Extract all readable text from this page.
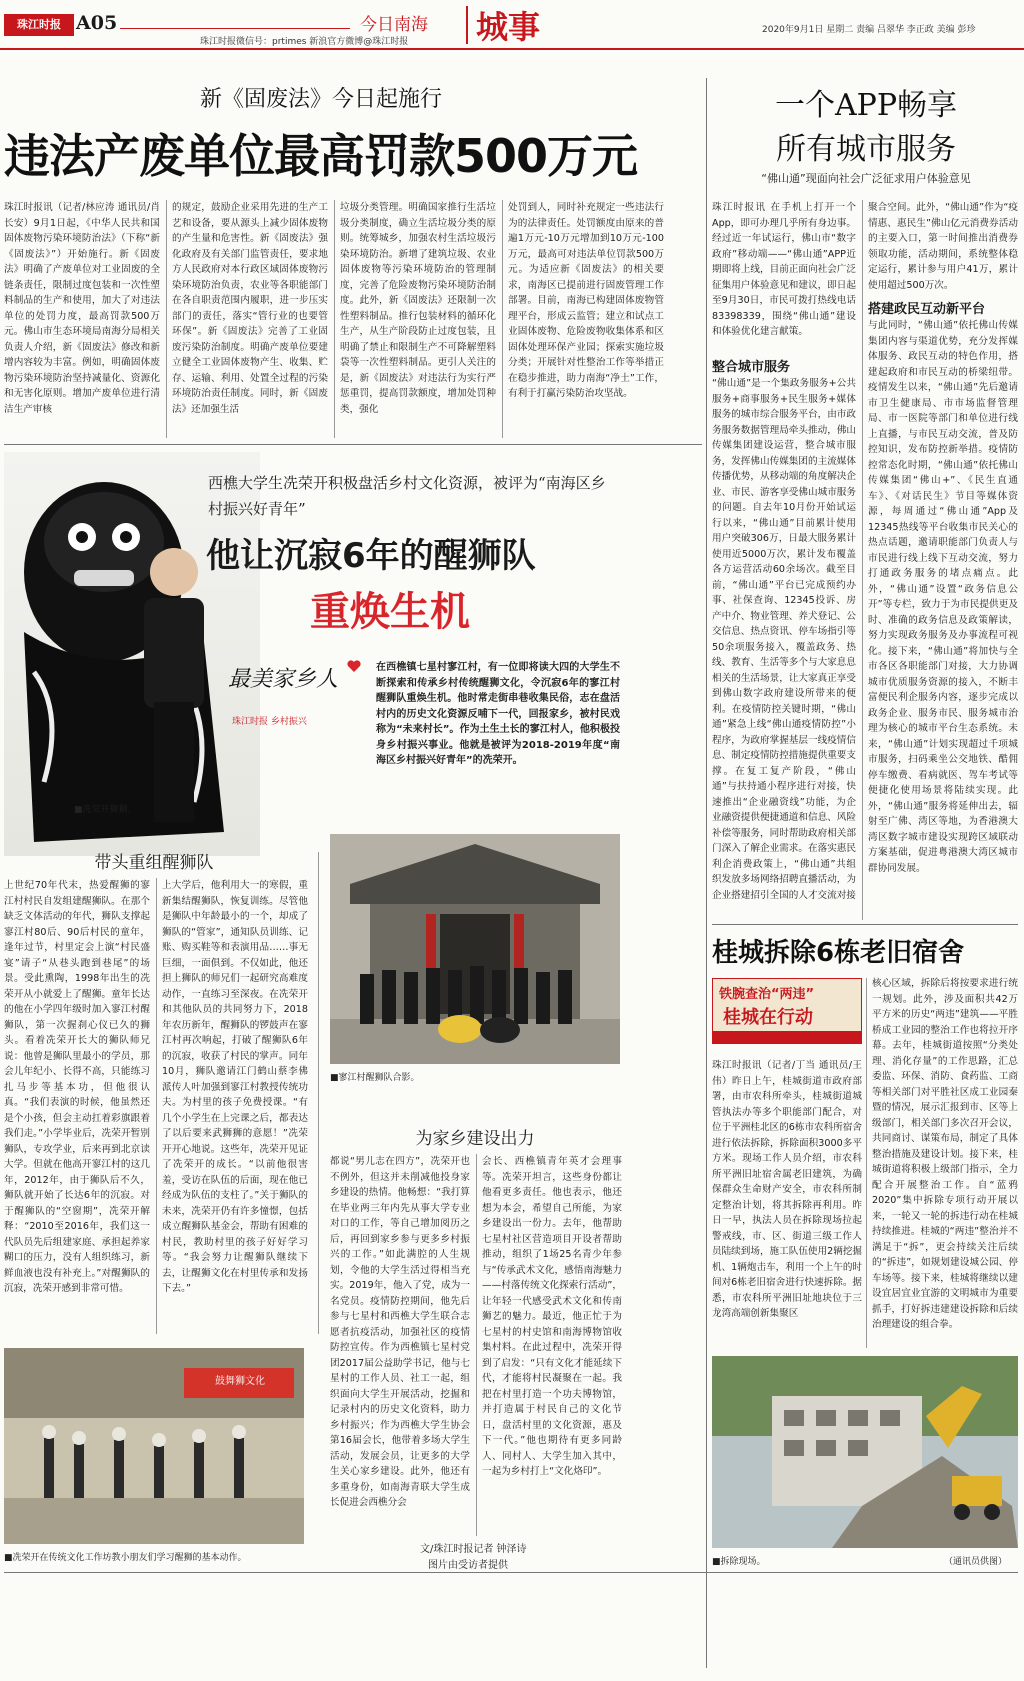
珠江时报 A05
珠江时报微信号：prtimes 新浪官方微博@珠江时报
今日南海 城事	2020年9月1日 星期二 责编 吕翠华 李正政 美编 彭珍
新《固废法》今日起施行
违法产废单位最高罚款500万元
珠江时报讯（记者/林应涛 通讯员/肖长安）9月1日起，《中华人民共和国固体废物污染环境防治法》（下称“新《固废法》”）开始施行。新《固废法》明确了产废单位对工业固废的全链条责任，限制过度包装和一次性塑料制品的生产和使用，加大了对违法单位的处罚力度，最高罚款500万元。佛山市生态环境局南海分局相关负责人介绍，新《固废法》修改和新增内容较为丰富。例如，明确固体废物污染环境防治坚持减量化、资源化和无害化原则。增加产废单位进行清洁生产审核
的规定，鼓励企业采用先进的生产工艺和设备，要从源头上减少固体废物的产生量和危害性。新《固废法》强化政府及有关部门监管责任，要求地方人民政府对本行政区域固体废物污染环境防治负责，农业等各职能部门在各自职责范围内履职，进一步压实部门的责任，落实“管行业的也要管环保”。新《固废法》完善了工业固废污染防治制度。明确产废单位要建立健全工业固体废物产生、收集、贮存、运输、利用、处置全过程的污染环境防治责任制度。同时，新《固废法》还加强生活
垃圾分类管理。明确国家推行生活垃圾分类制度，确立生活垃圾分类的原则。统筹城乡，加强农村生活垃圾污染环境防治。新增了建筑垃圾、农业固体废物等污染环境防治的管理制度，完善了危险废物污染环境防治制度。此外，新《固废法》还限制一次性塑料制品。推行包装材料的循环化生产，从生产阶段防止过度包装，且明确了禁止和限制生产不可降解塑料袋等一次性塑料制品。更引人关注的是，新《固废法》对违法行为实行严惩重罚，提高罚款额度，增加处罚种类，强化
处罚到人，同时补充规定一些违法行为的法律责任。处罚额度由原来的普遍1万元-10万元增加到10万元-100万元，最高可对违法单位罚款500万元。为适应新《固废法》的相关要求，南海区已提前进行固废管理工作部署。目前，南海已构建固体废物管理平台，形成云监管；建立和试点工业固体废物、危险废物收集体系和区固体处理环保产业园；探索实施垃圾分类；开展针对性整治工作等举措正在稳步推进，助力南海“净土”工作，有利于打赢污染防治攻坚战。
一个APP畅享
所有城市服务
“佛山通”现面向社会广泛征求用户体验意见
珠江时报讯 在手机上打开一个App，即可办理几乎所有身边事。经过近一年试运行，佛山市“数字政府”移动端——“佛山通”APP近期即将上线，目前正面向社会广泛征集用户体验意见和建议，即日起至9月30日，市民可拨打热线电话83398339，围绕“佛山通”建设和体验优化建言献策。
整合城市服务
“佛山通”是一个集政务服务+公共服务+商事服务+民生服务+媒体服务的城市综合服务平台，由市政务服务数据管理局牵头推动，佛山传媒集团建设运营，整合城市服务，发挥佛山传媒集团的主流媒体传播优势，从移动端的角度解决企业、市民、游客享受佛山城市服务的问题。自去年10月份开始试运行以来，“佛山通”目前累计使用用户突破306万，日最大服务累计使用近5000万次，累计发布覆盖各方运营活动60余场次。截至目前，“佛山通”平台已完成预约办事、社保查询、12345投诉、房产中介、物业管理、养犬登记、公交信息、热点资讯、停车场指引等50余项服务接入，覆盖政务、热线、教育、生活等多个与大家息息相关的生活场景，让大家真正享受到佛山数字政府建设所带来的便利。在疫情防控关键时期，“佛山通”紧急上线“佛山通疫情防控”小程序，为政府掌握基层一线疫情信息、制定疫情防控措施提供重要支撑。在复工复产阶段，“佛山通”与扶持通小程序进行对接，快速推出“企业融资线”功能，为企业融资提供便捷通道和信息、风险补偿等服务，同时帮助政府相关部门深入了解企业需求。在落实惠民利企消费政策上，“佛山通”共组织发放多场网络招聘直播活动，为企业搭建招引全国的人才交流对接
聚合空间。此外，“佛山通”作为“疫情惠、惠民生”佛山亿元消费券活动的主要入口，第一时间推出消费券领取功能，活动期间，系统整体稳定运行，累计参与用户41万，累计使用超过500万次。
搭建政民互动新平台
与此同时，“佛山通”依托佛山传媒集团内容与渠道优势，充分发挥媒体服务、政民互动的特色作用，搭建起政府和市民互动的桥梁纽带。疫情发生以来，“佛山通”先后邀请市卫生健康局、市市场监督管理局、市一医院等部门和单位进行线上直播，与市民互动交流，普及防控知识，发布防控新举措。疫情防控常态化时期，“佛山通”依托佛山传媒集团“佛山+”、《民生直通车》、《对话民生》节目等媒体资源，每周通过“佛山通”App及12345热线等平台收集市民关心的热点话题，邀请职能部门负责人与市民进行线上线下互动交流，努力打通政务服务的堵点痛点。此外，“佛山通”设置“政务信息公开”等专栏，致力于为市民提供更及时、准确的政务信息及政策解读，努力实现政务服务及办事流程可视化。接下来，“佛山通”将加快与全市各区各职能部门对接，大力协调城市优质服务资源的接入，不断丰富便民利企服务内容，逐步完成以政务企业、服务市民、服务城市治理为核心的城市平台生态系统。未来，“佛山通”计划实现超过千项城市服务，扫码乘坐公交地铁、酷佣停车缴费、看病就医、驾车考试等便捷化使用场景将陆续实现。此外，“佛山通”服务将延伸出去，辐射至广佛、湾区等地，为香港澳大湾区数字城市建设实现跨区域联动方案基础，促进粤港澳大湾区城市群协同发展。
■冼荣开舞狮。
西樵大学生冼荣开积极盘活乡村文化资源，被评为“南海区乡村振兴好青年”
他让沉寂6年的醒狮队
重焕生机
最美家乡人
珠江时报 乡村振兴
在西樵镇七星村寥江村，有一位即将读大四的大学生不断探索和传承乡村传统醒狮文化，令沉寂6年的寥江村醒狮队重焕生机。他时常走街串巷收集民俗，志在盘活村内的历史文化资源反哺下一代，回报家乡，被村民戏称为“未来村长”。作为土生土长的寥江村人，他积极投身乡村振兴事业。他就是被评为2018-2019年度“南海区乡村振兴好青年”的冼荣开。
带头重组醒狮队
上世纪70年代末，热爱醒狮的寥江村村民自发组建醒狮队。在那个缺乏文体活动的年代，狮队支撑起寥江村80后、90后村民的童年，逢年过节，村里定会上演“村民盛宴”请子“从巷头跑到巷尾”的场景。受此熏陶，1998年出生的冼荣开从小就爱上了醒狮。童年长达的他在小学四年级时加入寥江村醒狮队，第一次握刹心仪已久的狮头。看着冼荣开长大的狮队师兄说：他曾是狮队里最小的学员，那会儿年纪小、长得不高，只能练习扎马步等基本功，但他很认真。“我们表演的时候，他虽然还是个小孩，但会主动扛着彩旗跟着我们走。”小学毕业后，冼荣开暂别狮队，专攻学业，后来再到北京读大学。但就在他高开寥江村的这几年，2012年，由于狮队后不久，狮队就开始了长达6年的沉寂。对于醒狮队的“空窗期”，冼荣开解释：“2010至2016年，我们这一代队员先后组建家庭、承担起养家糊口的压力，没有人组织练习，新鲜血液也没有补充上。”对醒狮队的沉寂，冼荣开感到非常可惜。
上大学后，他利用大一的寒假，重新集结醒狮队，恢复训练。尽管他是狮队中年龄最小的一个，却成了狮队的“管家”，通知队员训练、记账、购买鞋等和表演用品……事无巨细，一面俱到。不仅如此，他还担上狮队的师兄们一起研究高难度动作，一直练习至深夜。在冼荣开和其他队员的共同努力下，2018年农历新年，醒狮队的锣鼓声在寥江村再次响起，打破了醒狮队6年的沉寂，收获了村民的掌声。同年10月，狮队邀请江门鹤山蔡李佛派传人叶加强到寥江村教授传统功夫。为村里的孩子免费授课。“有几个小学生在上完课之后，都表达了以后要来武狮狮的意愿！”冼荣开开心地说。这些年，冼荣开见证了冼荣开的成长。“以前他很害羞，受访在队伍的后面，现在他已经成为队伍的支柱了。”关于狮队的未来，冼荣开仍有许多憧憬，包括成立醒狮队基金会，帮助有困难的村民，教助村里的孩子好好学习等。“我会努力让醒狮队继续下去，让醒狮文化在村里传承和发扬下去。”
■寥江村醒狮队合影。
为家乡建设出力
都说“男儿志在四方”，冼荣开也不例外，但这并未削减他投身家乡建设的热情。他畅想：“我打算在毕业两三年内先从事大学专业对口的工作，等自己增加阅历之后，再回到家乡参与更多乡村振兴的工作。”如此满腔的人生规划，令他的大学生活过得相当充实。2019年，他入了党，成为一名党员。疫情防控期间，他先后参与七星村和西樵大学生联合志愿者抗疫活动，加强社区的疫情防控宣传。作为西樵镇七星村党团2017届公益助学书记，他与七星村的工作人员、社工一起，组织面向大学生开展活动，挖掘和记录村内的历史文化资料，助力乡村振兴；作为西樵大学生协会第16届会长，他带着多场大学生活动，发展会员，让更多的大学生关心家乡建设。此外，他还有多重身份，如南海青联大学生成长促进会西樵分会
会长、西樵镇青年英才会理事等。冼荣开坦言，这些身份都让他看更多责任。他也表示，他还想为本会，希望自己所能，为家乡建设出一份力。去年，他帮助七星村社区营造项目开设者帮助推动，组织了1场25名青少年参与“传承武术文化，感悟南海魅力——村落传统文化探索行活动”，让年轻一代感受武术文化和传南狮艺的魅力。最近，他正忙于为七星村的村史馆和南海博物馆收集村料。在此过程中，冼荣开得到了启发：“只有文化才能延续下代，才能将村民凝聚在一起。我把在村里打造一个功夫博物馆，并打造属于村民自己的文化节日，盘活村里的文化资源，惠及下一代。”他也期待有更多同龄人、同村人、大学生加入其中，一起为乡村打上“文化烙印”。
鼓舞狮文化
■冼荣开在传统文化工作坊教小朋友们学习醒狮的基本动作。
文/珠江时报记者 钟泽诗
图片由受访者提供
桂城拆除6栋老旧宿舍
铁腕查治“两违”
桂城在行动
珠江时报讯（记者/丁当 通讯员/王伟）昨日上午，桂城街道市政府部署，由市农科所牵头，桂城街道城管执法办等多个职能部门配合，对位于平洲桂北区的6栋市农科所宿舍进行依法拆除，拆除面积3000多平方米。现场工作人员介绍，市农科所平洲旧址宿舍属老旧建筑，为确保群众生命财产安全，市农科所制定整治计划，将其拆除再利用。昨日一早，执法人员在拆除现场拉起警戒线，市、区、街道三级工作人员陆续到场，施工队伍使用2辆挖掘机、1辆炮击车，利用一个上午的时间对6栋老旧宿舍进行快速拆除。据悉，市农科所平洲旧址地块位于三龙湾高端创新集聚区
核心区域，拆除后将按要求进行统一规划。此外，涉及面积共42万平方米的历史“两违”建筑——平胜桥成工业园的整治工作也将拉开序幕。去年，桂城街道按照“分类处理、消化存量”的工作思路，汇总委监、环保、消防、食药监、工商等相关部门对平胜社区成工业园秦暨的情况，展示汇报到市、区等上级部门，相关部门多次召开会议，共同商讨、谋策布局，制定了具体整治措施及建设计划。接下来，桂城街道将积极上级部门指示，全力配合开展整治工作。自“蓝鸦2020”集中拆除专项行动开展以来，一轮又一轮的拆违行动在桂城持续推进。桂城的“两违”整治并不满足于“拆”，更会持续关注后续的“拆违”，如规划建设城公园、停车场等。接下来，桂城将继续以建设宜居宜业宜游的文明城市为重要抓手，打好拆违建建设拆除和后续治理建设的组合拳。
■拆除现场。	（通讯员供图）
